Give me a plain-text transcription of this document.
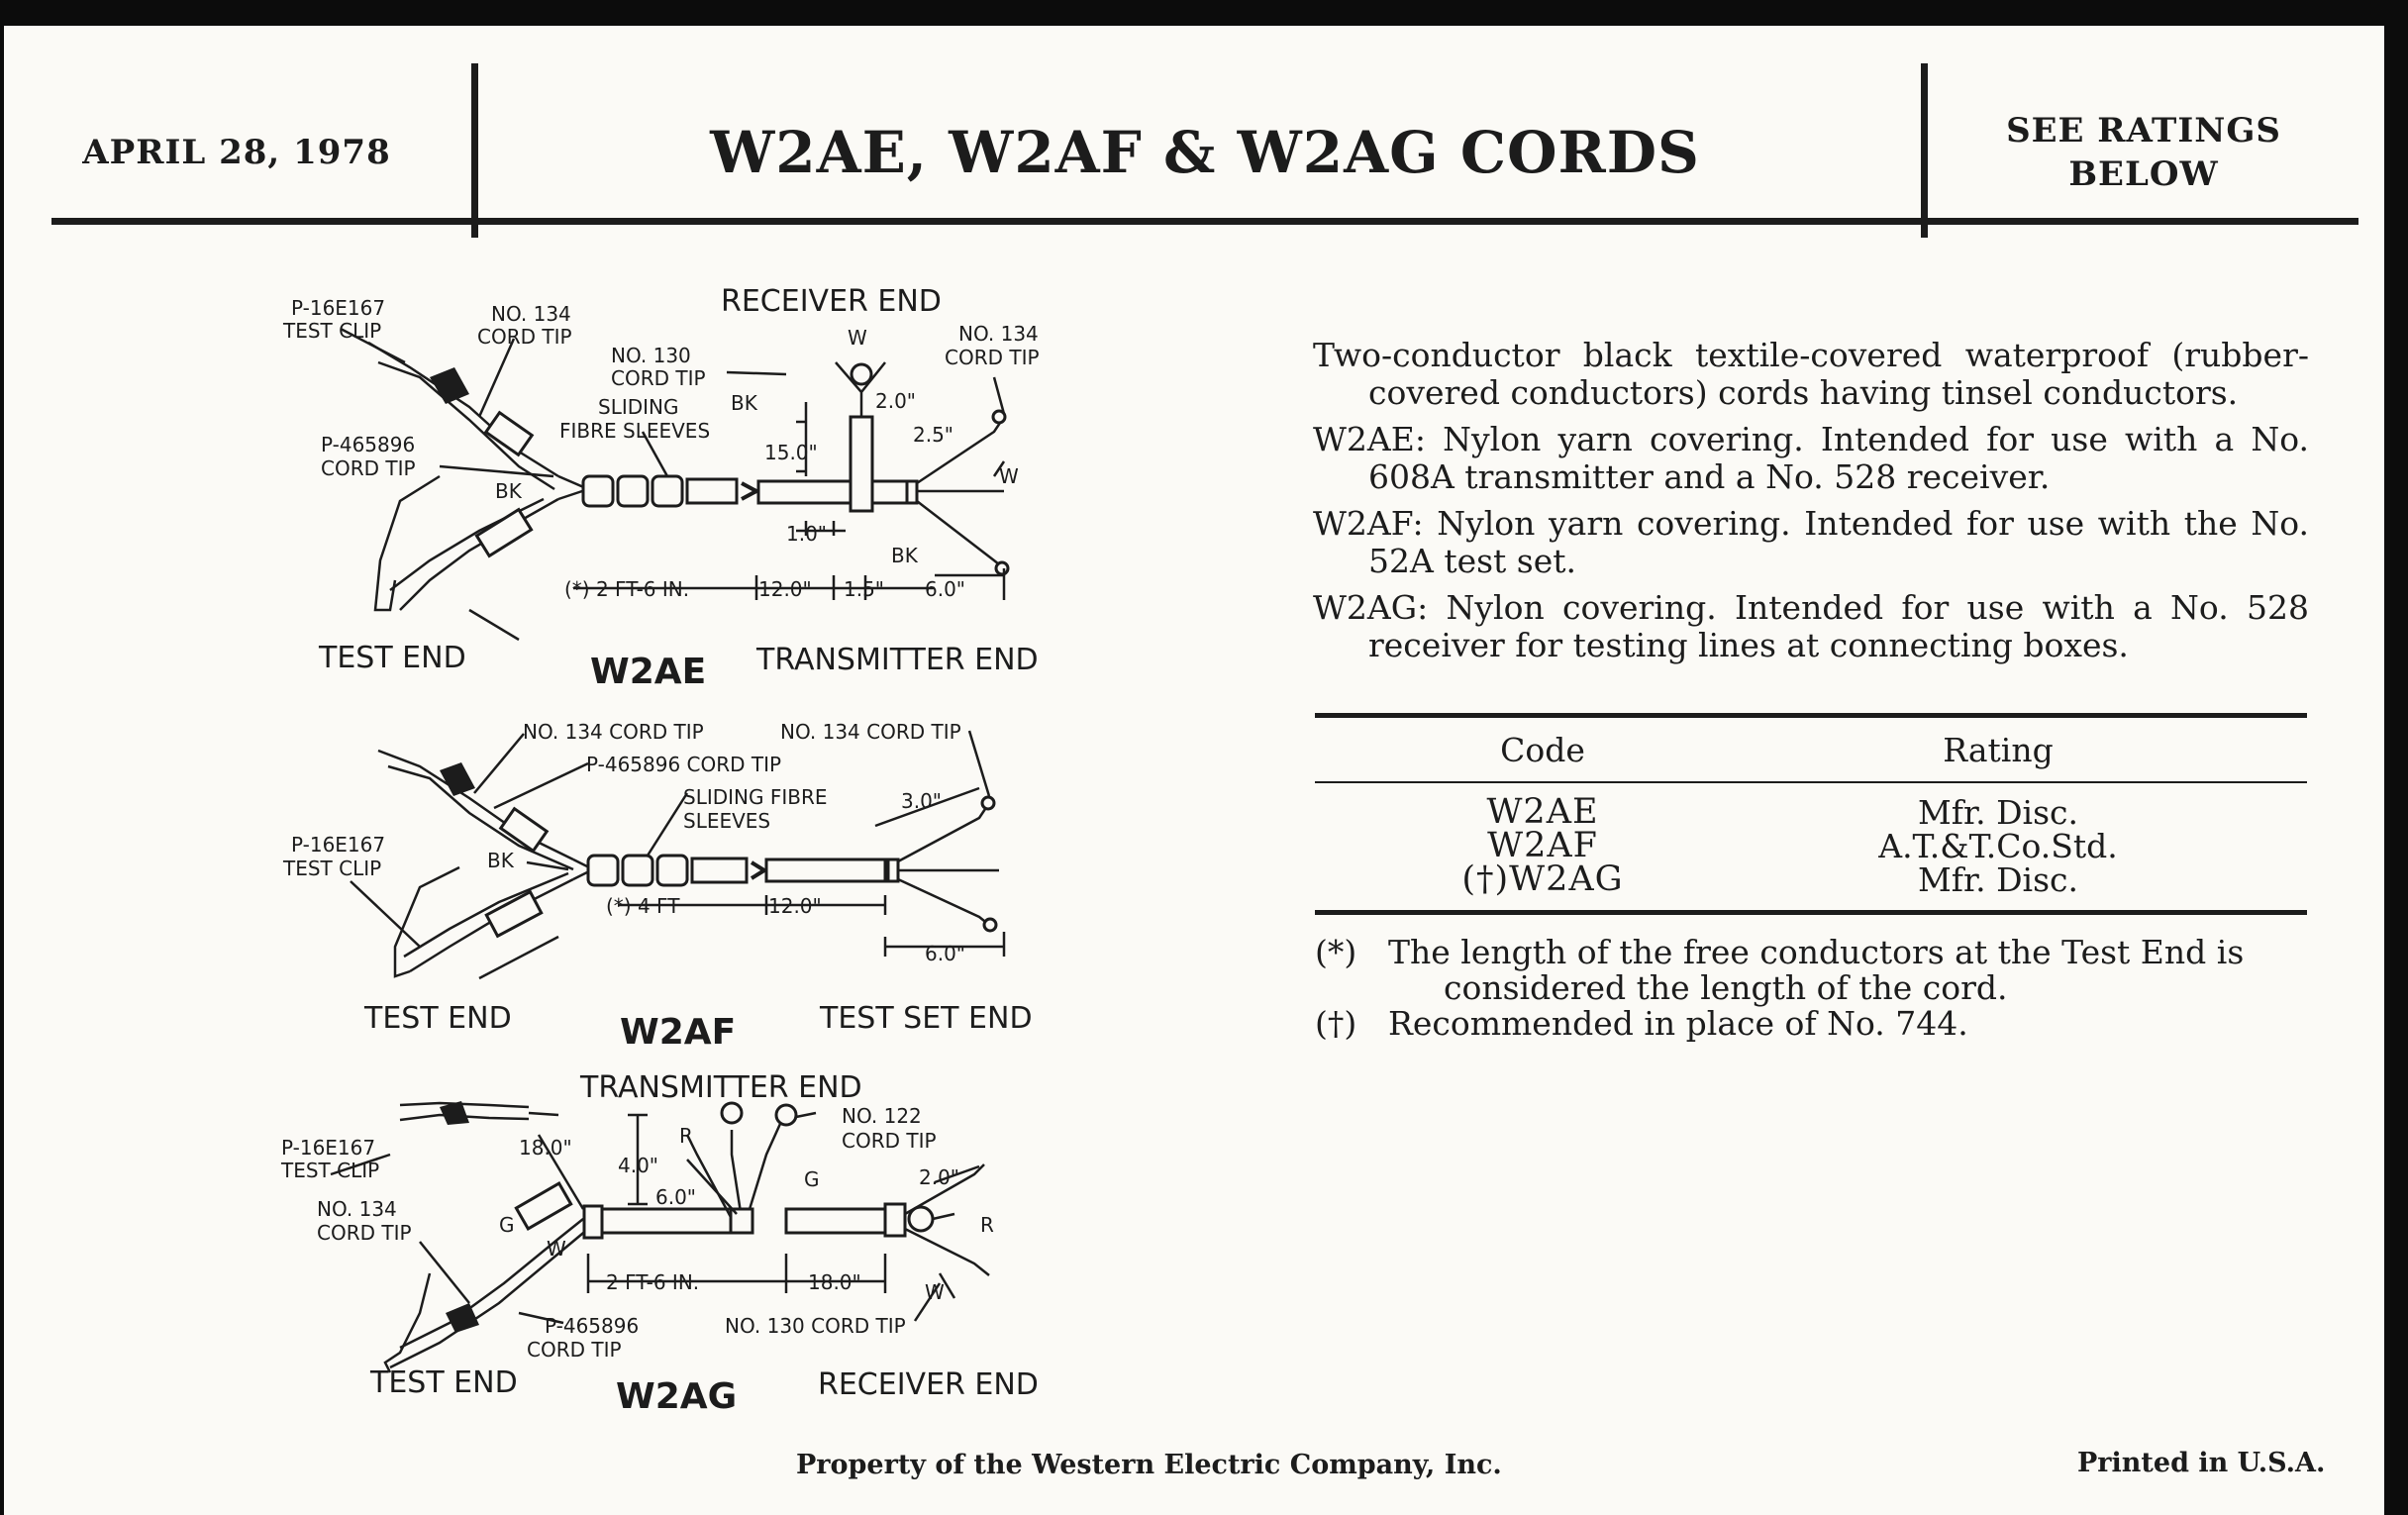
APRIL 28, 1978	W2AE, W2AF & W2AG CORDS	SEE RATINGS
BELOW
P-16E167
TEST CLIP
NO. 134
CORD TIP
RECEIVER END
NO. 130
CORD TIP
SLIDING
FIBRE SLEEVES
P-465896
CORD TIP
NO. 134
CORD TIP
W
BK	2.0"
15.0"
2.5"
W
BK
1.0"
BK
(*) 2 FT-6 IN.	12.0" 1.5" 6.0"
TEST END	W2AE TRANSMITTER END
NO. 134 CORD TIP	NO. 134 CORD TIP
P-465896 CORD TIP
SLIDING FIBRE
SLEEVES
3.0"
P-16E167
TEST CLIP	BK
(*) 4 FT	12.0"
6.0"
TEST END	W2AF	TEST SET END
TRANSMITTER END
NO. 122
CORD TIP
P-16E167
TEST CLIP
18.0"	R
4.0"
G
6.0"
2.0"
NO. 134
CORD TIP	G	R
W
2 FT-6 IN.	18.0"	W
P-465896
CORD TIP
NO. 130 CORD TIP
TEST END	W2AG	RECEIVER END

Two-conductor black textile-covered waterproof (rubber-covered conductors) cords having tinsel conductors.

W2AE: Nylon yarn covering. Intended for use with a No. 608A transmitter and a No. 528 receiver.

W2AF: Nylon yarn covering. Intended for use with the No. 52A test set.

W2AG: Nylon covering. Intended for use with a No. 528 receiver for testing lines at connecting boxes.

Code	Rating
W2AE	Mfr. Disc.
W2AF	A.T.&T.Co.Std.
(†)W2AG	Mfr. Disc.

(*) The length of the free conductors at the Test End is considered the length of the cord.

(†) Recommended in place of No. 744.

Property of the Western Electric Company, Inc.	Printed in U.S.A.
